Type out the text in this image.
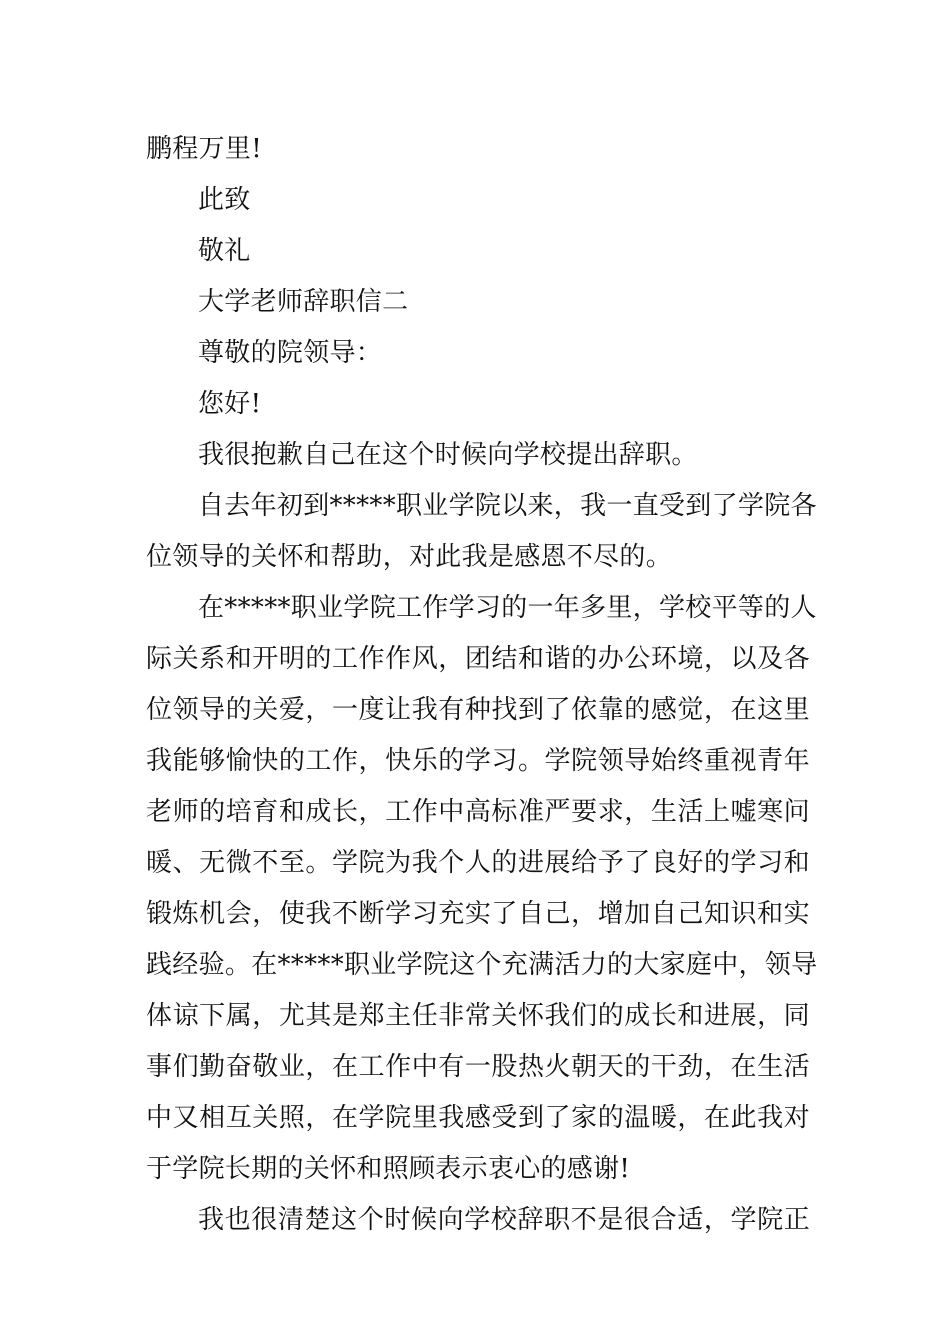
鹏程万里!
此致
敬礼
大学老师辞职信二
尊敬的院领导：
您好!
我很抱歉自己在这个时候向学校提出辞职。
自去年初到*****职业学院以来，我一直受到了学院各
位领导的关怀和帮助，对此我是感恩不尽的。
在*****职业学院工作学习的一年多里，学校平等的人
际关系和开明的工作作风，团结和谐的办公环境，以及各
位领导的关爱，一度让我有种找到了依靠的感觉，在这里
我能够愉快的工作，快乐的学习。学院领导始终重视青年
老师的培育和成长，工作中高标准严要求，生活上嘘寒问
暖、无微不至。学院为我个人的进展给予了良好的学习和
锻炼机会，使我不断学习充实了自己，增加自己知识和实
践经验。在*****职业学院这个充满活力的大家庭中，领导
体谅下属，尤其是郑主任非常关怀我们的成长和进展，同
事们勤奋敬业，在工作中有一股热火朝天的干劲，在生活
中又相互关照，在学院里我感受到了家的温暖，在此我对
于学院长期的关怀和照顾表示衷心的感谢!
我也很清楚这个时候向学校辞职不是很合适，学院正
